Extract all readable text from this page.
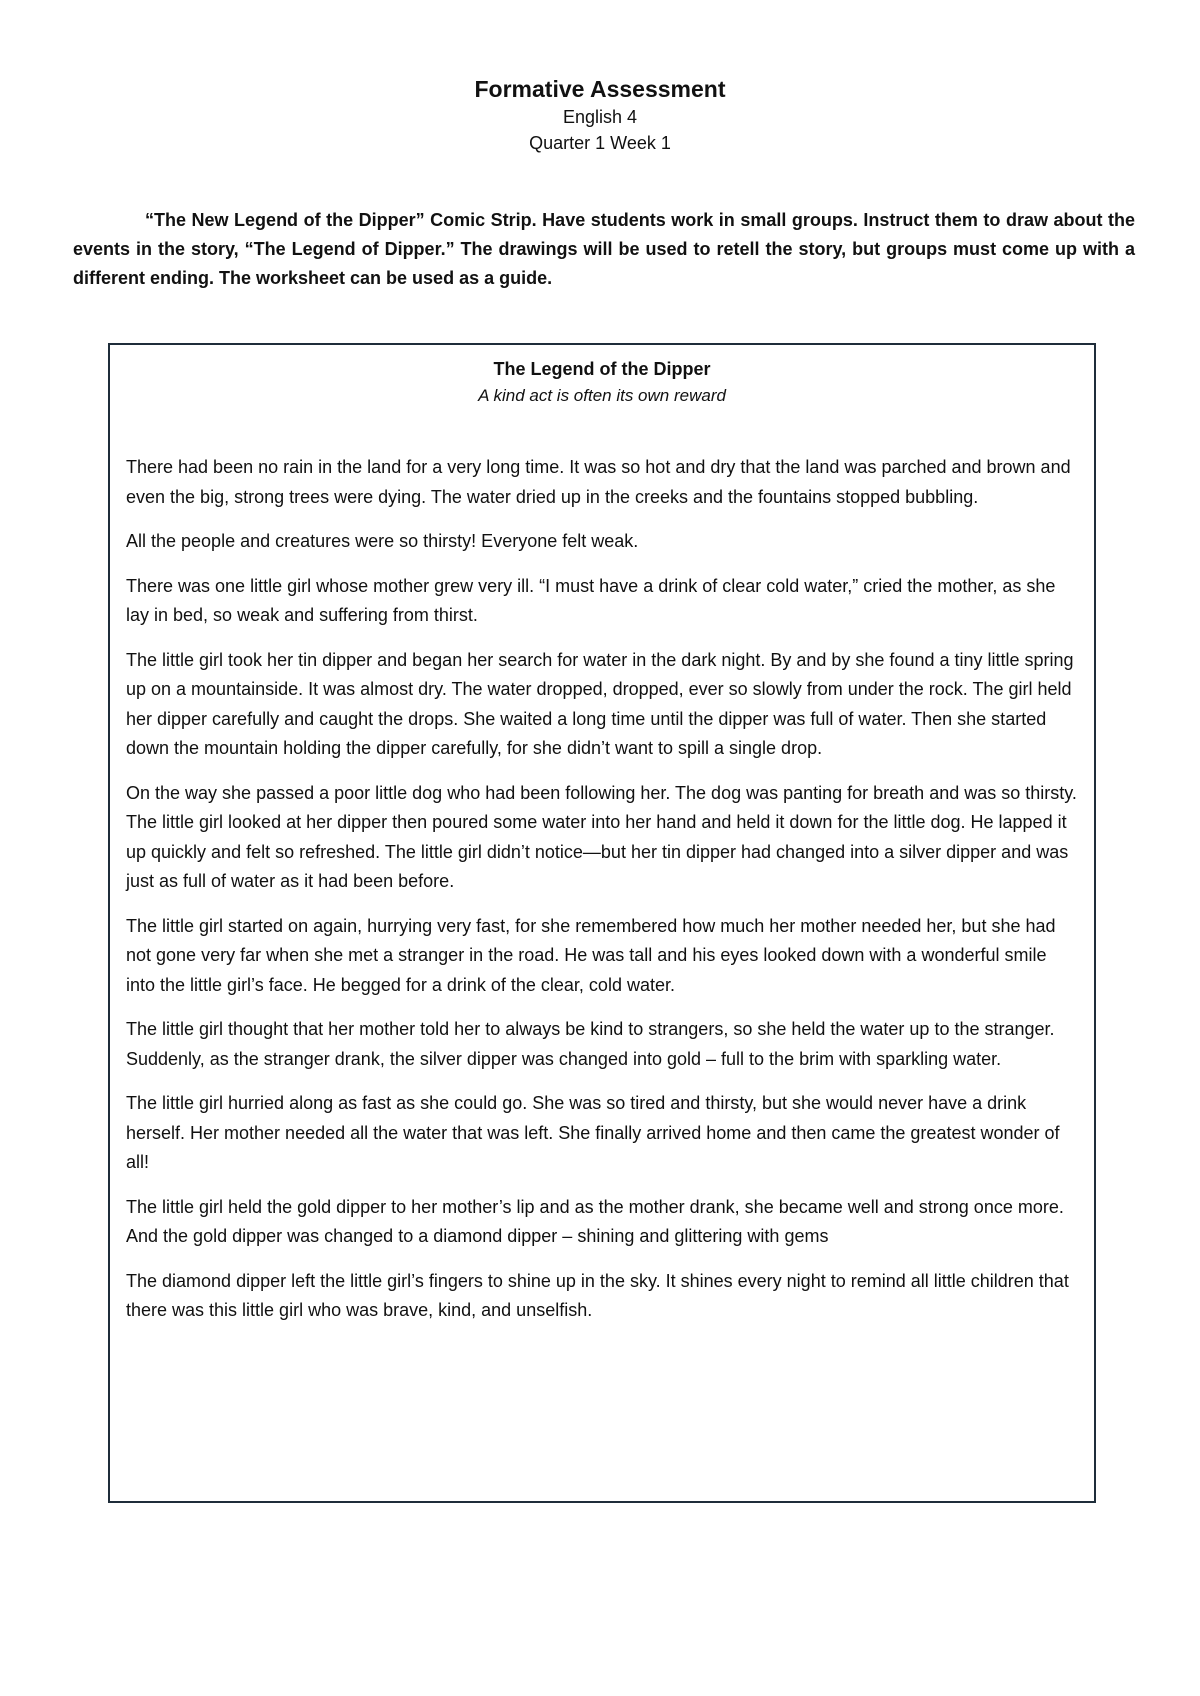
Formative Assessment

English 4

Quarter 1 Week 1

“The New Legend of the Dipper” Comic Strip. Have students work in small groups. Instruct them to draw about the events in the story, “The Legend of Dipper.” The drawings will be used to retell the story, but groups must come up with a different ending. The worksheet can be used as a guide.

The Legend of the Dipper

A kind act is often its own reward

There had been no rain in the land for a very long time. It was so hot and dry that the land was parched and brown and even the big, strong trees were dying. The water dried up in the creeks and the fountains stopped bubbling.

All the people and creatures were so thirsty! Everyone felt weak.

There was one little girl whose mother grew very ill. “I must have a drink of clear cold water,” cried the mother, as she lay in bed, so weak and suffering from thirst.

The little girl took her tin dipper and began her search for water in the dark night. By and by she found a tiny little spring up on a mountainside. It was almost dry. The water dropped, dropped, ever so slowly from under the rock. The girl held her dipper carefully and caught the drops. She waited a long time until the dipper was full of water. Then she started down the mountain holding the dipper carefully, for she didn’t want to spill a single drop.

On the way she passed a poor little dog who had been following her. The dog was panting for breath and was so thirsty. The little girl looked at her dipper then poured some water into her hand and held it down for the little dog. He lapped it up quickly and felt so refreshed. The little girl didn’t notice—but her tin dipper had changed into a silver dipper and was just as full of water as it had been before.

The little girl started on again, hurrying very fast, for she remembered how much her mother needed her, but she had not gone very far when she met a stranger in the road. He was tall and his eyes looked down with a wonderful smile into the little girl’s face. He begged for a drink of the clear, cold water.

The little girl thought that her mother told her to always be kind to strangers, so she held the water up to the stranger. Suddenly, as the stranger drank, the silver dipper was changed into gold – full to the brim with sparkling water.

The little girl hurried along as fast as she could go. She was so tired and thirsty, but she would never have a drink herself. Her mother needed all the water that was left. She finally arrived home and then came the greatest wonder of all!

The little girl held the gold dipper to her mother’s lip and as the mother drank, she became well and strong once more. And the gold dipper was changed to a diamond dipper – shining and glittering with gems

The diamond dipper left the little girl’s fingers to shine up in the sky. It shines every night to remind all little children that there was this little girl who was brave, kind, and unselfish.
